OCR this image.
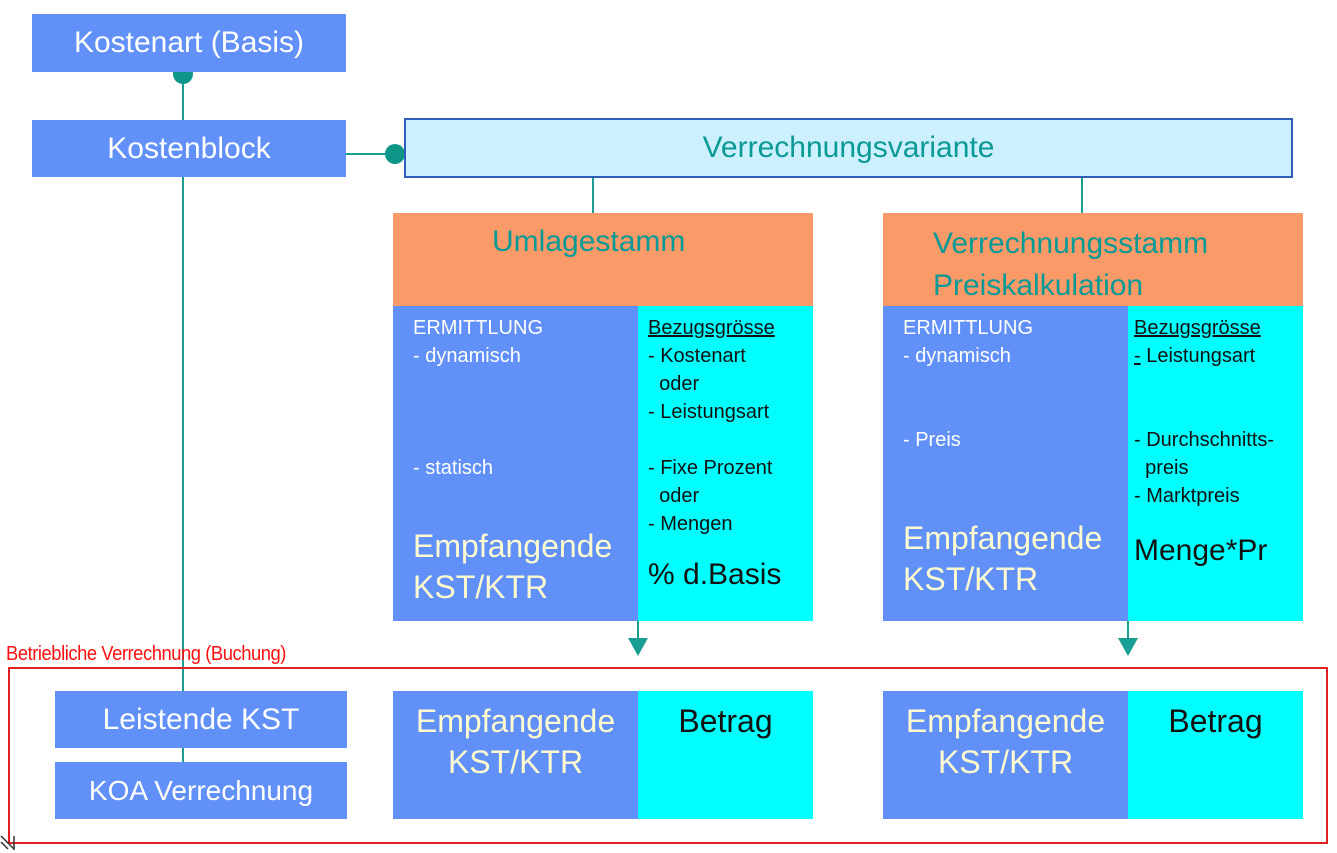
Kostenart (Basis)
Kostenblock	Verrechnungsvariante
Umlagestamm
ERMITTLUNG
- dynamisch
- statisch
Empfangende
KST/KTR
Bezugsgrösse
- Kostenart
oder
- Leistungsart
- Fixe Prozent
oder
- Mengen
% d.Basis
Verrechnungsstamm
Preiskalkulation
ERMITTLUNG
- dynamisch
- Preis
Empfangende
KST/KTR
Bezugsgrösse
- Leistungsart
- Durchschnitts-
preis
- Marktpreis
Menge*Pr
Betriebliche Verrechnung (Buchung)
Leistende KST
KOA Verrechnung
Empfangende
KST/KTR
Betrag	Empfangende
KST/KTR
Betrag
